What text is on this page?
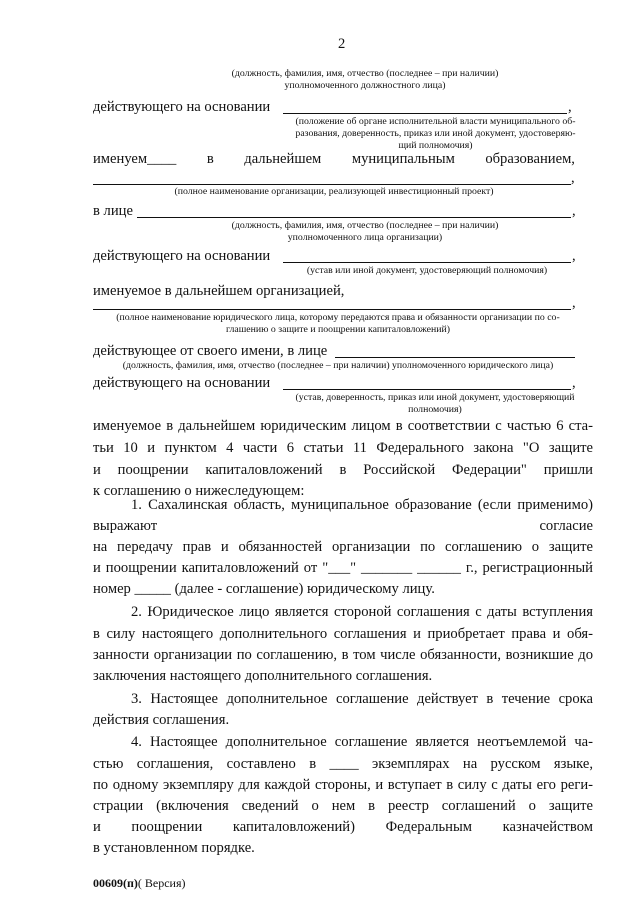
2
(должность, фамилия, имя, отчество (последнее – при наличии)
уполномоченного должностного лица)
действующего на основании	,
(положение об органе исполнительной власти муниципального об-
разования, доверенность, приказ или иной документ, удостоверяю-
щий полномочия)
именуем____ в дальнейшем муниципальным образованием,
,
(полное наименование организации, реализующей инвестиционный проект)
в лице	,
(должность, фамилия, имя, отчество (последнее – при наличии)
уполномоченного лица организации)
действующего на основании	,
(устав или иной документ, удостоверяющий полномочия)
именуемое в дальнейшем организацией,
,
(полное наименование юридического лица, которому передаются права и обязанности организации по со-
глашению о защите и поощрении капиталовложений)
действующее от своего имени, в лице
(должность, фамилия, имя, отчество (последнее – при наличии) уполномоченного юридического лица)
действующего на основании	,
(устав, доверенность, приказ или иной документ, удостоверяющий
полномочия)
именуемое в дальнейшем юридическим лицом в соответствии с частью 6 ста-
тьи 10 и пунктом 4 части 6 статьи 11 Федерального закона "О защите
и поощрении капиталовложений в Российской Федерации" пришли
к соглашению о нижеследующем:
1. Сахалинская область, муниципальное образование (если применимо)
выражают	согласие
на передачу прав и обязанностей организации по соглашению о защите
и поощрении капиталовложений от "___" _______ ______ г., регистрационный
номер _____ (далее - соглашение) юридическому лицу.
2. Юридическое лицо является стороной соглашения с даты вступления
в силу настоящего дополнительного соглашения и приобретает права и обя-
занности организации по соглашению, в том числе обязанности, возникшие до
заключения настоящего дополнительного соглашения.
3. Настоящее дополнительное соглашение действует в течение срока
действия соглашения.
4. Настоящее дополнительное соглашение является неотъемлемой ча-
стью соглашения, составлено в ____ экземплярах на русском языке,
по одному экземпляру для каждой стороны, и вступает в силу с даты его реги-
страции (включения сведений о нем в реестр соглашений о защите
и поощрении капиталовложений) Федеральным казначейством
в установленном порядке.
00609(п)( Версия)
